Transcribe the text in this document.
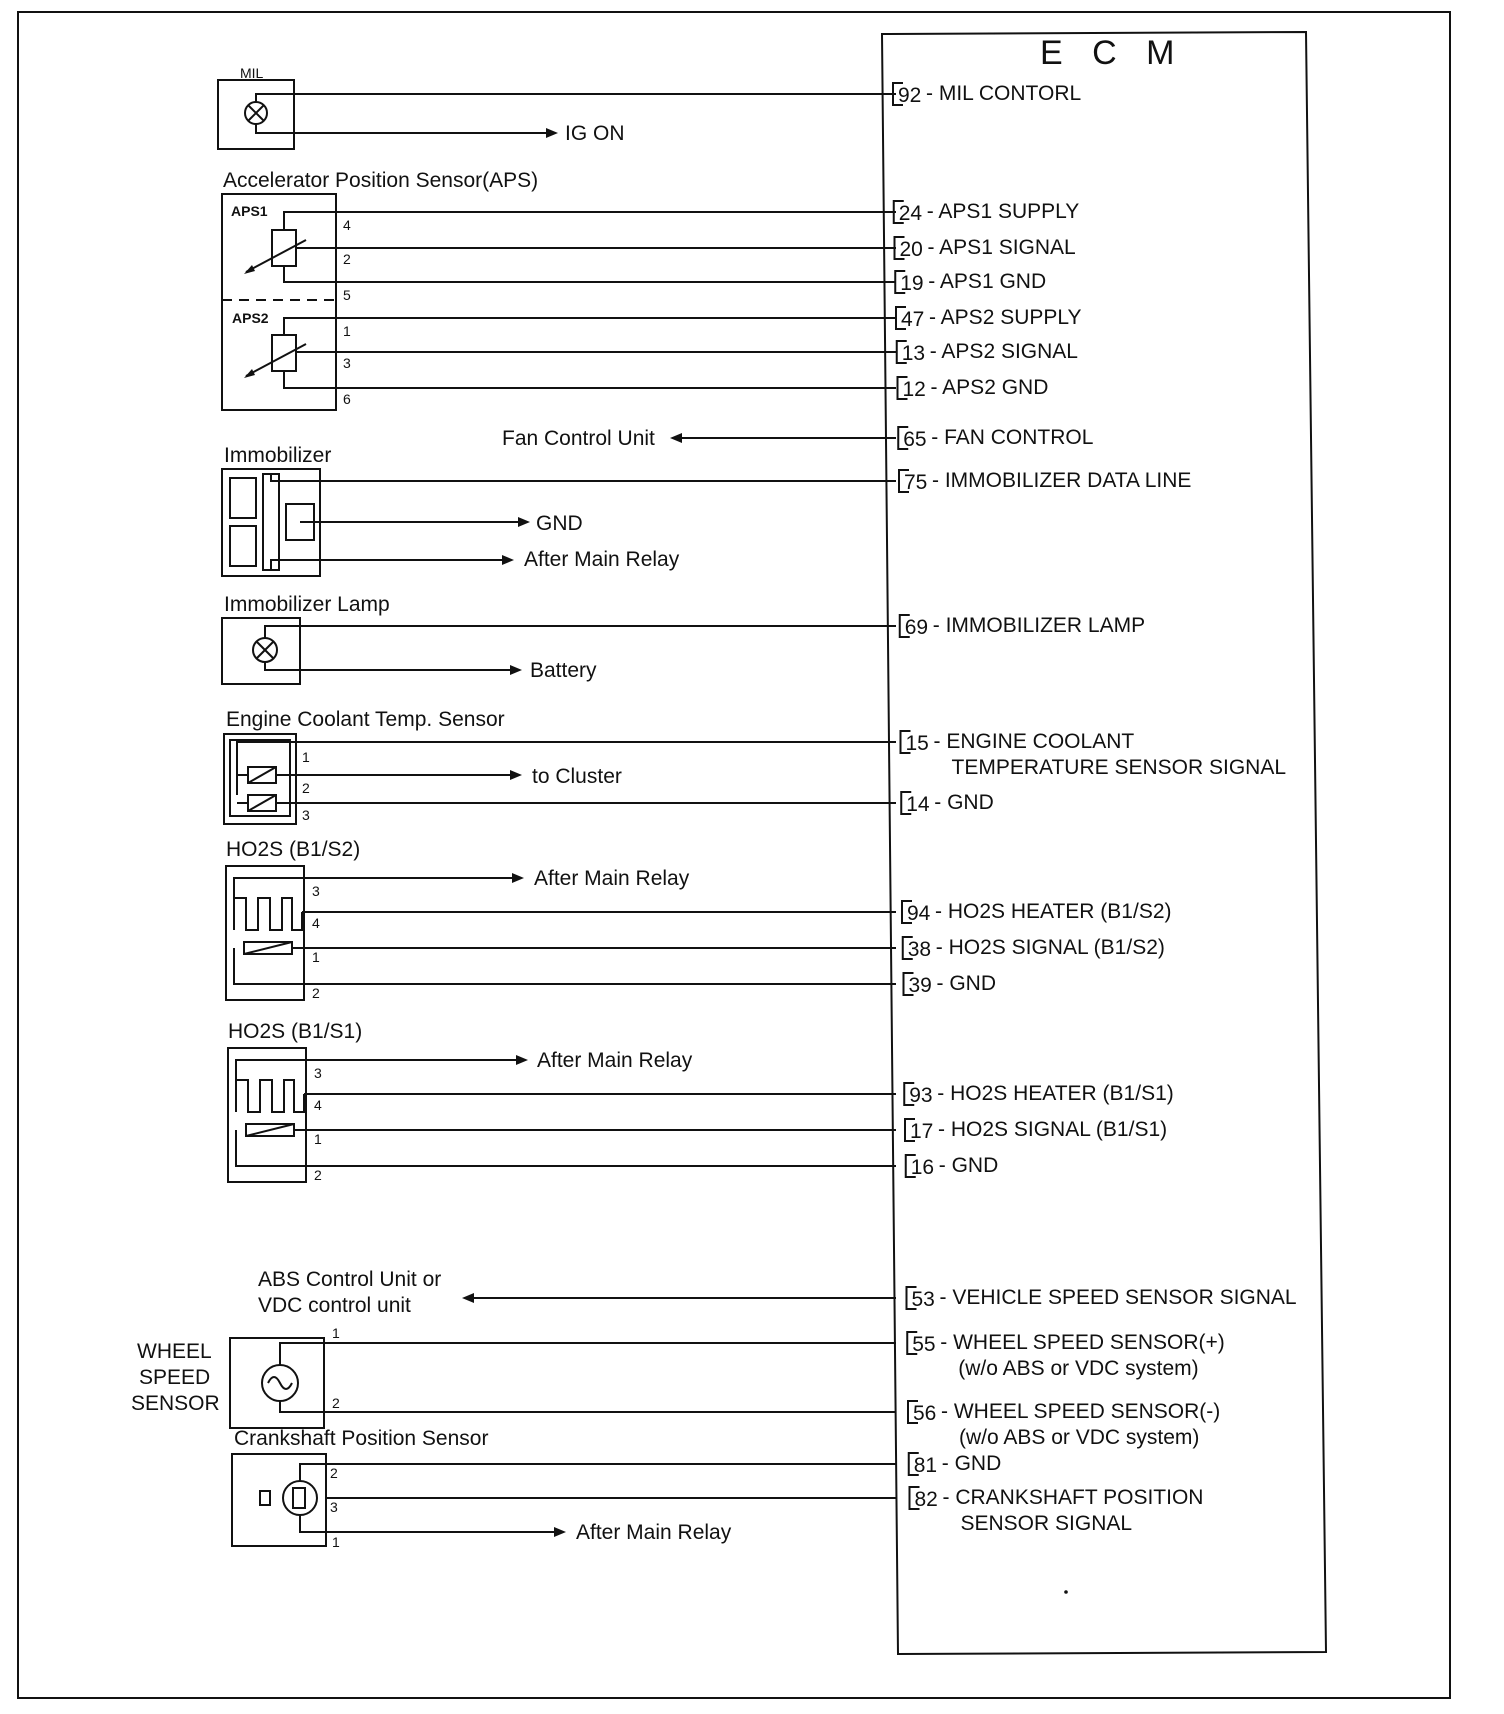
E C M
92 - MIL CONTORL
24 - APS1 SUPPLY
20 - APS1 SIGNAL
19 - APS1 GND
47 - APS2 SUPPLY
13 - APS2 SIGNAL
12 - APS2 GND
65 - FAN CONTROL
75 - IMMOBILIZER DATA LINE
69 - IMMOBILIZER LAMP
15 - ENGINE COOLANT
TEMPERATURE SENSOR SIGNAL
14 - GND
94 - HO2S HEATER (B1/S2)
38 - HO2S SIGNAL (B1/S2)
39 - GND
93 - HO2S HEATER (B1/S1)
17 - HO2S SIGNAL (B1/S1)
16 - GND
53 - VEHICLE SPEED SENSOR SIGNAL
55 - WHEEL SPEED SENSOR(+)
(w/o ABS or VDC system)
56 - WHEEL SPEED SENSOR(-)
(w/o ABS or VDC system)
81 - GND
82 - CRANKSHAFT POSITION
SENSOR SIGNAL
MIL
IG ON
Accelerator Position Sensor(APS)
APS1
APS2
4
2
5
1
3
6
Fan Control Unit
Immobilizer
GND
After Main Relay
Immobilizer Lamp
Battery
Engine Coolant Temp. Sensor
to Cluster
1
2
3
HO2S (B1/S2)
After Main Relay
3
4
1
2
HO2S (B1/S1)
After Main Relay
3
4
1
2
ABS Control Unit or
VDC control unit
WHEEL
SPEED
SENSOR
1
2
Crankshaft Position Sensor
After Main Relay
2
3
1
